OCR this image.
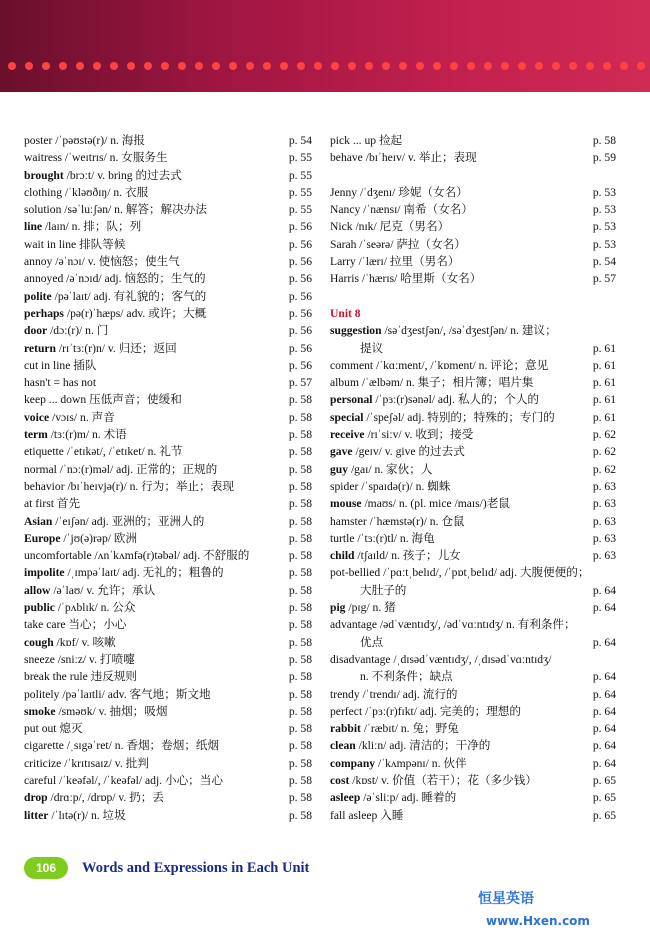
poster /ˈpəʊstə(r)/ n. 海报	p. 54
waitress /ˈweɪtrɪs/ n. 女服务生	p. 55
brought /brɔːt/ v. bring 的过去式	p. 55
clothing /ˈkləʊðɪŋ/ n. 衣服	p. 55
solution /səˈluːʃən/ n. 解答；解决办法	p. 55
line /laɪn/ n. 排；队；列	p. 56
wait in line 排队等候	p. 56
annoy /əˈnɔɪ/ v. 使恼怒；使生气	p. 56
annoyed /əˈnɔɪd/ adj. 恼怒的；生气的	p. 56
polite /pəˈlaɪt/ adj. 有礼貌的；客气的	p. 56
perhaps /pə(r)ˈhæps/ adv. 或许；大概	p. 56
door /dɔː(r)/ n. 门	p. 56
return /rɪˈtɜː(r)n/ v. 归还；返回	p. 56
cut in line 插队	p. 56
hasn't = has not	p. 57
keep ... down 压低声音；使缓和	p. 58
voice /vɔɪs/ n. 声音	p. 58
term /tɜː(r)m/ n. 术语	p. 58
etiquette /ˈetɪkət/, /ˈetɪket/ n. 礼节	p. 58
normal /ˈnɔː(r)məl/ adj. 正常的；正规的	p. 58
behavior /bɪˈheɪvjə(r)/ n. 行为；举止；表现	p. 58
at first 首先	p. 58
Asian /ˈeɪʃən/ adj. 亚洲的；亚洲人的	p. 58
Europe /ˈjʊ(ə)rəp/ 欧洲	p. 58
uncomfortable /ʌnˈkʌmfə(r)təbəl/ adj. 不舒服的	p. 58
impolite /ˌɪmpəˈlaɪt/ adj. 无礼的；粗鲁的	p. 58
allow /əˈlaʊ/ v. 允许；承认	p. 58
public /ˈpʌblɪk/ n. 公众	p. 58
take care 当心；小心	p. 58
cough /kɒf/ v. 咳嗽	p. 58
sneeze /sniːz/ v. 打喷嚏	p. 58
break the rule 违反规则	p. 58
politely /pəˈlaɪtli/ adv. 客气地；斯文地	p. 58
smoke /sməʊk/ v. 抽烟；吸烟	p. 58
put out 熄灭	p. 58
cigarette /ˌsɪgəˈret/ n. 香烟；卷烟；纸烟	p. 58
criticize /ˈkrɪtɪsaɪz/ v. 批判	p. 58
careful /ˈkeəfəl/, /ˈkeəfəl/ adj. 小心；当心	p. 58
drop /drɑːp/, /drɒp/ v. 扔；丢	p. 58
litter /ˈlɪtə(r)/ n. 垃圾	p. 58
pick ... up 捡起	p. 58
behave /bɪˈheɪv/ v. 举止；表现	p. 59
Jenny /ˈdʒenɪ/ 珍妮（女名）	p. 53
Nancy /ˈnænsɪ/ 南希（女名）	p. 53
Nick /nɪk/ 尼克（男名）	p. 53
Sarah /ˈseərə/ 萨拉（女名）	p. 53
Larry /ˈlærɪ/ 拉里（男名）	p. 54
Harris /ˈhærɪs/ 哈里斯（女名）	p. 57
Unit 8
suggestion /səˈdʒestʃən/, /səˈdʒestʃən/ n. 建议；
提议	p. 61
comment /ˈkɑːment/, /ˈkɒment/ n. 评论；意见	p. 61
album /ˈælbəm/ n. 集子；相片簿；唱片集	p. 61
personal /ˈpɜː(r)sənəl/ adj. 私人的；个人的	p. 61
special /ˈspeʃəl/ adj. 特别的；特殊的；专门的	p. 61
receive /rɪˈsiːv/ v. 收到；接受	p. 62
gave /geɪv/ v. give 的过去式	p. 62
guy /gaɪ/ n. 家伙；人	p. 62
spider /ˈspaɪdə(r)/ n. 蜘蛛	p. 63
mouse /maʊs/ n. (pl. mice /maɪs/)老鼠	p. 63
hamster /ˈhæmstə(r)/ n. 仓鼠	p. 63
turtle /ˈtɜː(r)tl/ n. 海龟	p. 63
child /tʃaɪld/ n. 孩子；儿女	p. 63
pot-bellied /ˈpɑːtˌbelɪd/, /ˈpɒtˌbelɪd/ adj. 大腹便便的；
大肚子的	p. 64
pig /pɪg/ n. 猪	p. 64
advantage /ədˈvæntɪdʒ/, /ədˈvɑːntɪdʒ/ n. 有利条件；
优点	p. 64
disadvantage /ˌdɪsədˈvæntɪdʒ/, /ˌdɪsədˈvɑːntɪdʒ/
n. 不利条件；缺点	p. 64
trendy /ˈtrendɪ/ adj. 流行的	p. 64
perfect /ˈpɜː(r)fɪkt/ adj. 完美的；理想的	p. 64
rabbit /ˈræbɪt/ n. 兔；野兔	p. 64
clean /kliːn/ adj. 清洁的；干净的	p. 64
company /ˈkʌmpənɪ/ n. 伙伴	p. 64
cost /kɒst/ v. 价值（若干）；花（多少钱）	p. 65
asleep /əˈsliːp/ adj. 睡着的	p. 65
fall asleep 入睡	p. 65
106	Words and Expressions in Each Unit
恒星英语 www.Hxen.com
